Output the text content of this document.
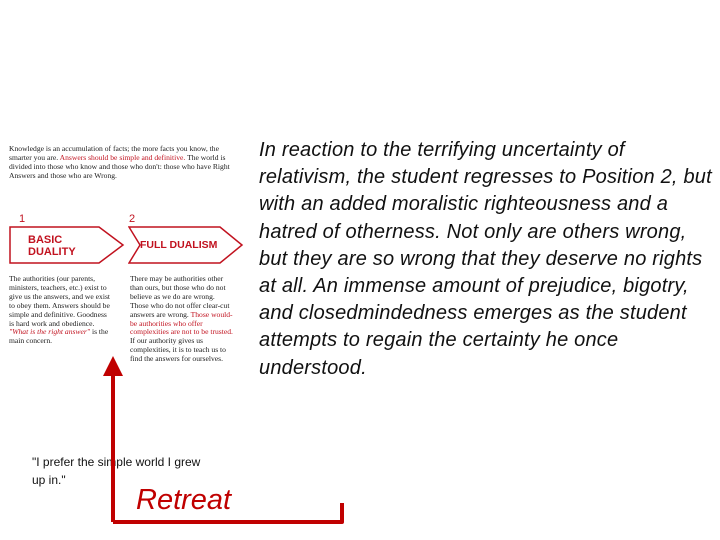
Knowledge is an accumulation of facts; the more facts you know, the smarter you are. Answers should be simple and definitive. The world is divided into those who know and those who don't: those who have Right Answers and those who are Wrong.
1	2
BASIC
DUALITY
FULL DUALISM
The authorities (our parents, ministers, teachers, etc.) exist to give us the answers, and we exist to obey them. Answers should be simple and definitive. Goodness is hard work and obedience. "What is the right answer" is the main concern.
There may be authorities other than ours, but those who do not believe as we do are wrong. Those who do not offer clear-cut answers are wrong. Those would-be authorities who offer complexities are not to be trusted. If our authority gives us complexities, it is to teach us to find the answers for ourselves.
In reaction to the terrifying uncertainty of relativism, the student regresses to Position 2, but with an added moralistic righteousness and a hatred of otherness. Not only are others wrong, but they are so wrong that they deserve no rights at all. An immense amount of prejudice, bigotry, and closedmindedness emerges as the student attempts to regain the certainty he once understood.
"I prefer the simple world I grew up in."
Retreat
